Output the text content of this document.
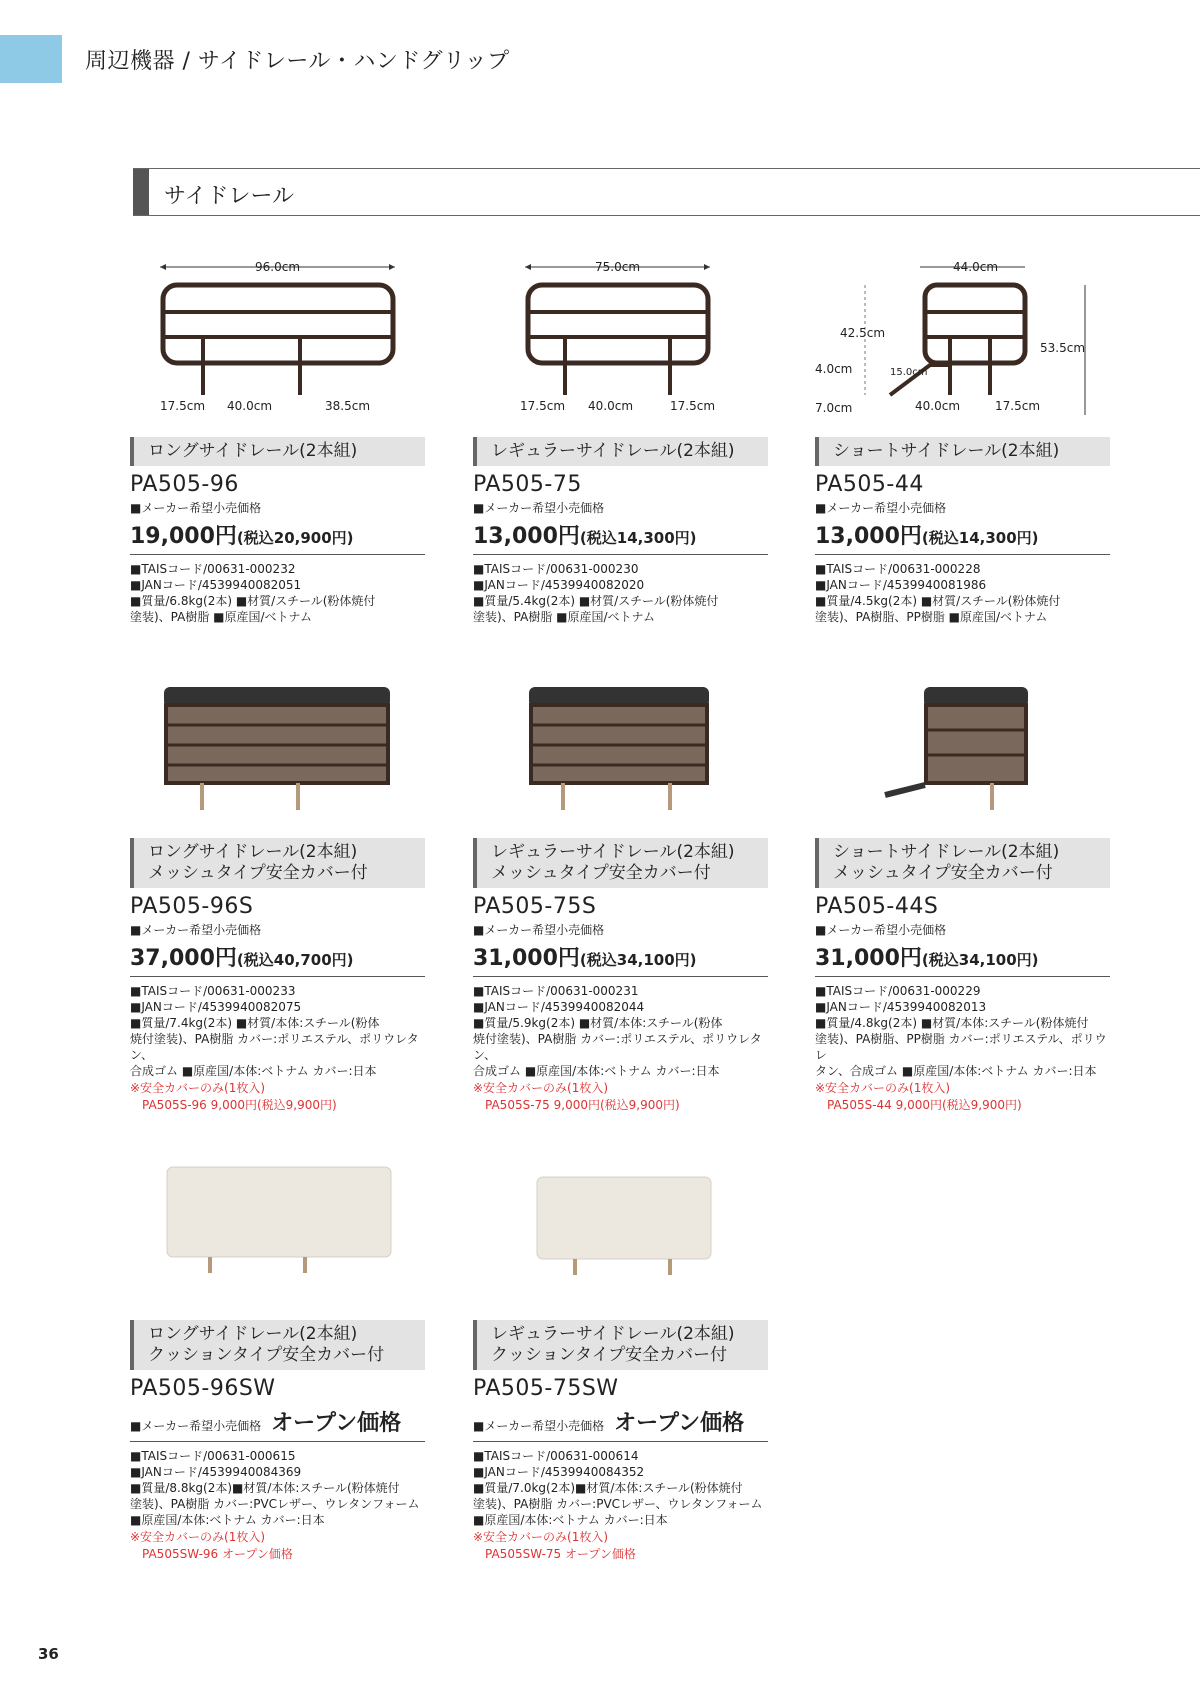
周辺機器 / サイドレール・ハンドグリップ
サイドレール
96.0cm
17.5cm 40.0cm	38.5cm
75.0cm
17.5cm 40.0cm	17.5cm
44.0cm
42.5cm
4.0cm
7.0cm
15.0cm
40.0cm	17.5cm
53.5cm
ロングサイドレール(2本組)
PA505-96
■メーカー希望小売価格
19,000円(税込20,900円)
■TAISコード/00631-000232
■JANコード/4539940082051
■質量/6.8kg(2本) ■材質/スチール(粉体焼付
塗装)、PA樹脂 ■原産国/ベトナム
レギュラーサイドレール(2本組)
PA505-75
■メーカー希望小売価格
13,000円(税込14,300円)
■TAISコード/00631-000230
■JANコード/4539940082020
■質量/5.4kg(2本) ■材質/スチール(粉体焼付
塗装)、PA樹脂 ■原産国/ベトナム
ショートサイドレール(2本組)
PA505-44
■メーカー希望小売価格
13,000円(税込14,300円)
■TAISコード/00631-000228
■JANコード/4539940081986
■質量/4.5kg(2本) ■材質/スチール(粉体焼付
塗装)、PA樹脂、PP樹脂 ■原産国/ベトナム
ロングサイドレール(2本組)
メッシュタイプ安全カバー付
PA505-96S
■メーカー希望小売価格
37,000円(税込40,700円)
■TAISコード/00631-000233
■JANコード/4539940082075
■質量/7.4kg(2本) ■材質/本体:スチール(粉体
焼付塗装)、PA樹脂 カバー:ポリエステル、ポリウレタン、
合成ゴム ■原産国/本体:ベトナム カバー:日本
※安全カバーのみ(1枚入)
PA505S-96 9,000円(税込9,900円)
レギュラーサイドレール(2本組)
メッシュタイプ安全カバー付
PA505-75S
■メーカー希望小売価格
31,000円(税込34,100円)
■TAISコード/00631-000231
■JANコード/4539940082044
■質量/5.9kg(2本) ■材質/本体:スチール(粉体
焼付塗装)、PA樹脂 カバー:ポリエステル、ポリウレタン、
合成ゴム ■原産国/本体:ベトナム カバー:日本
※安全カバーのみ(1枚入)
PA505S-75 9,000円(税込9,900円)
ショートサイドレール(2本組)
メッシュタイプ安全カバー付
PA505-44S
■メーカー希望小売価格
31,000円(税込34,100円)
■TAISコード/00631-000229
■JANコード/4539940082013
■質量/4.8kg(2本) ■材質/本体:スチール(粉体焼付
塗装)、PA樹脂、PP樹脂 カバー:ポリエステル、ポリウレ
タン、合成ゴム ■原産国/本体:ベトナム カバー:日本
※安全カバーのみ(1枚入)
PA505S-44 9,000円(税込9,900円)
ロングサイドレール(2本組)
クッションタイプ安全カバー付
PA505-96SW
■メーカー希望小売価格 オープン価格
■TAISコード/00631-000615
■JANコード/4539940084369
■質量/8.8kg(2本)■材質/本体:スチール(粉体焼付
塗装)、PA樹脂 カバー:PVCレザー、ウレタンフォーム
■原産国/本体:ベトナム カバー:日本
※安全カバーのみ(1枚入)
PA505SW-96 オープン価格
レギュラーサイドレール(2本組)
クッションタイプ安全カバー付
PA505-75SW
■メーカー希望小売価格 オープン価格
■TAISコード/00631-000614
■JANコード/4539940084352
■質量/7.0kg(2本)■材質/本体:スチール(粉体焼付
塗装)、PA樹脂 カバー:PVCレザー、ウレタンフォーム
■原産国/本体:ベトナム カバー:日本
※安全カバーのみ(1枚入)
PA505SW-75 オープン価格
36
